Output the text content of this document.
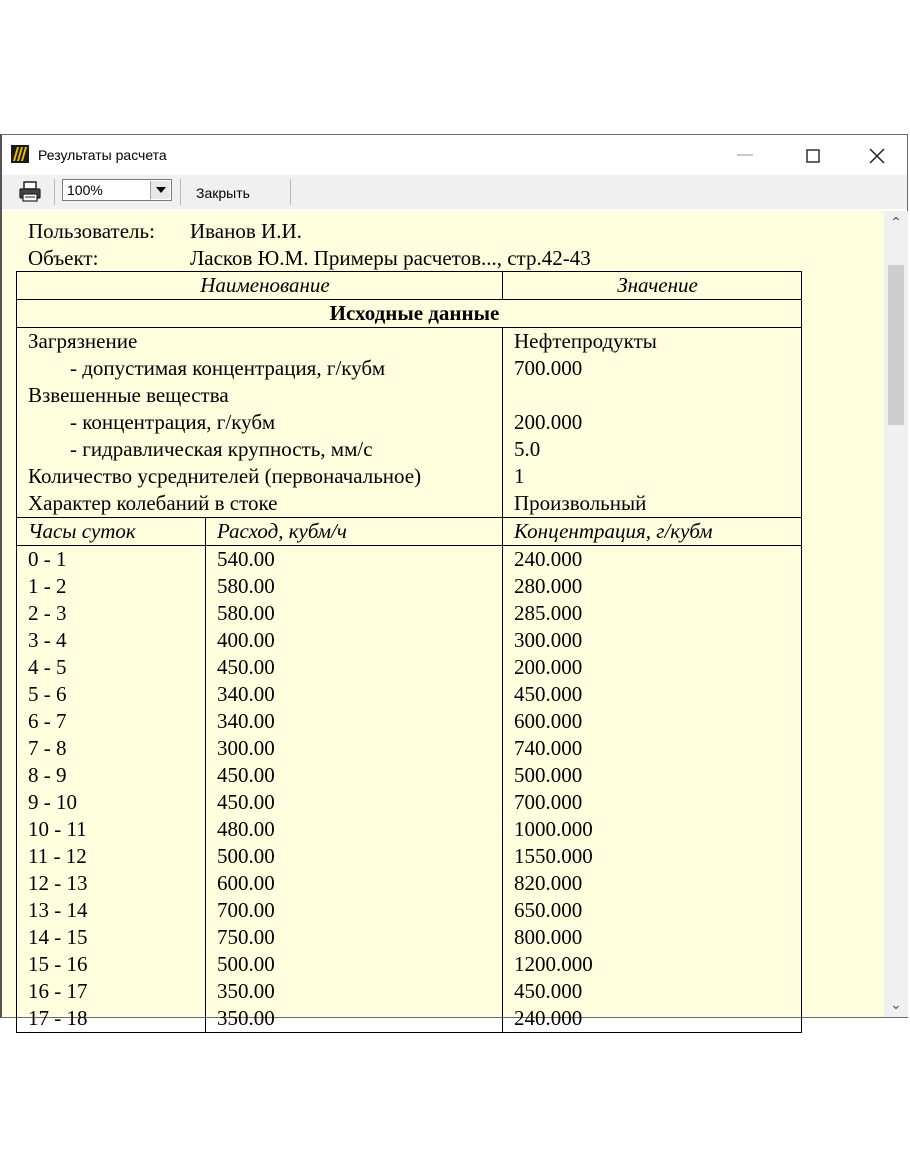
Результаты расчета	—
100%	Закрыть
Пользователь: Иванов И.И.
Объект:	Ласков Ю.М. Примеры расчетов..., стр.42-43
Наименование		Значение
Исходные данные		
Загрязнение		Нефтепродукты
- допустимая концентрация, г/кубм		700.000
Взвешенные вещества		
- концентрация, г/кубм		200.000
- гидравлическая крупность, мм/с		5.0
Количество усреднителей (первоначальное)		1
Характер колебаний в стоке		Произвольный
Часы суток	Расход, кубм/ч	Концентрация, г/кубм
0 - 1	540.00	240.000
1 - 2	580.00	280.000
2 - 3	580.00	285.000
3 - 4	400.00	300.000
4 - 5	450.00	200.000
5 - 6	340.00	450.000
6 - 7	340.00	600.000
7 - 8	300.00	740.000
8 - 9	450.00	500.000
9 - 10	450.00	700.000
10 - 11	480.00	1000.000
11 - 12	500.00	1550.000
12 - 13	600.00	820.000
13 - 14	700.00	650.000
14 - 15	750.00	800.000
15 - 16	500.00	1200.000
16 - 17	350.00	450.000
17 - 18	350.00	240.000
⌃
⌄
